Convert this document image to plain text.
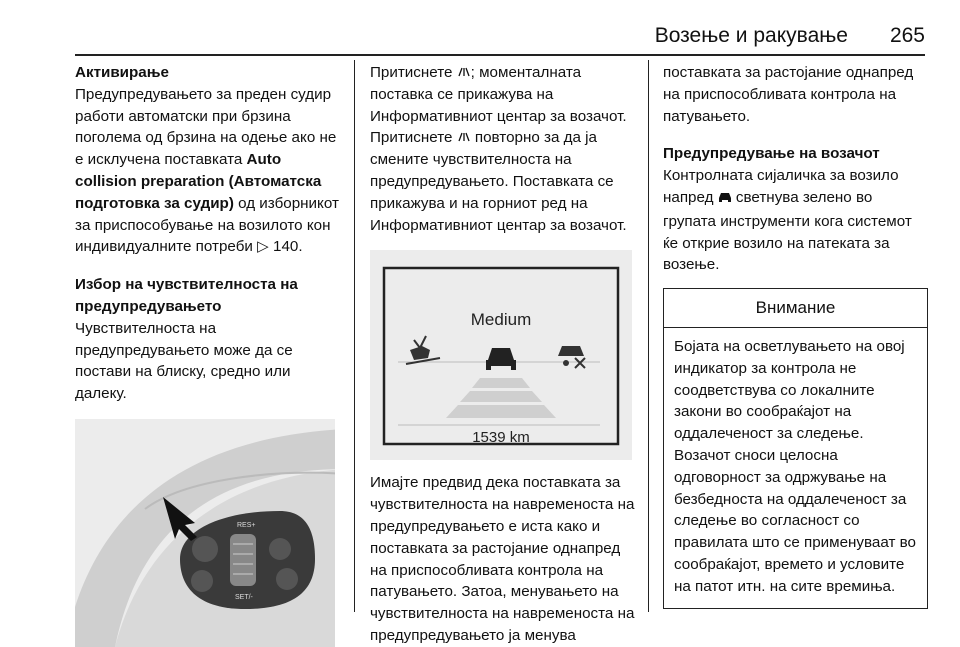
Возење и ракување 265
Активирање

Предупредувањето за преден судир работи автоматски при брзина поголема од брзина на одење ако не е исклучена поставката Auto collision preparation (Автоматска подготовка за судир) од изборникот за приспособување на возилото кон индивидуалните потреби ▷ 140.

Избор на чувствителноста на предупредувањето

Чувствителноста на предупредувањето може да се постави на блиску, средно или далеку.

RES+
SET/-

Притиснете ; моменталната поставка се прикажува на Информативниот центар за возачот. Притиснете  повторно за да ја смените чувствителноста на предупредувањето. Поставката се прикажува и на горниот ред на Информативниот центар за возачот.

Medium
1539 km

Имајте предвид дека поставката за чувствителноста на навременоста на предупредувањето е иста како и поставката за растојание однапред на приспособливата контрола на патувањето. Затоа, менувањето на чувствителноста на навременоста на предупредувањето ја менува

поставката за растојание однапред на приспособливата контрола на патувањето.

Предупредување на возачот

Контролната сијаличка за возило напред  светнува зелено во групата инструменти кога системот ќе открие возило на патеката за возење.

Внимание
Бојата на осветлувањето на овој индикатор за контрола не соодветствува со локалните закони во сообраќајот на оддалеченост за следење. Возачот сноси целосна одговорност за одржување на безбедноста на оддалеченост за следење во согласност со правилата што се применуваат во сообраќајот, времето и условите на патот итн. на сите времиња.
